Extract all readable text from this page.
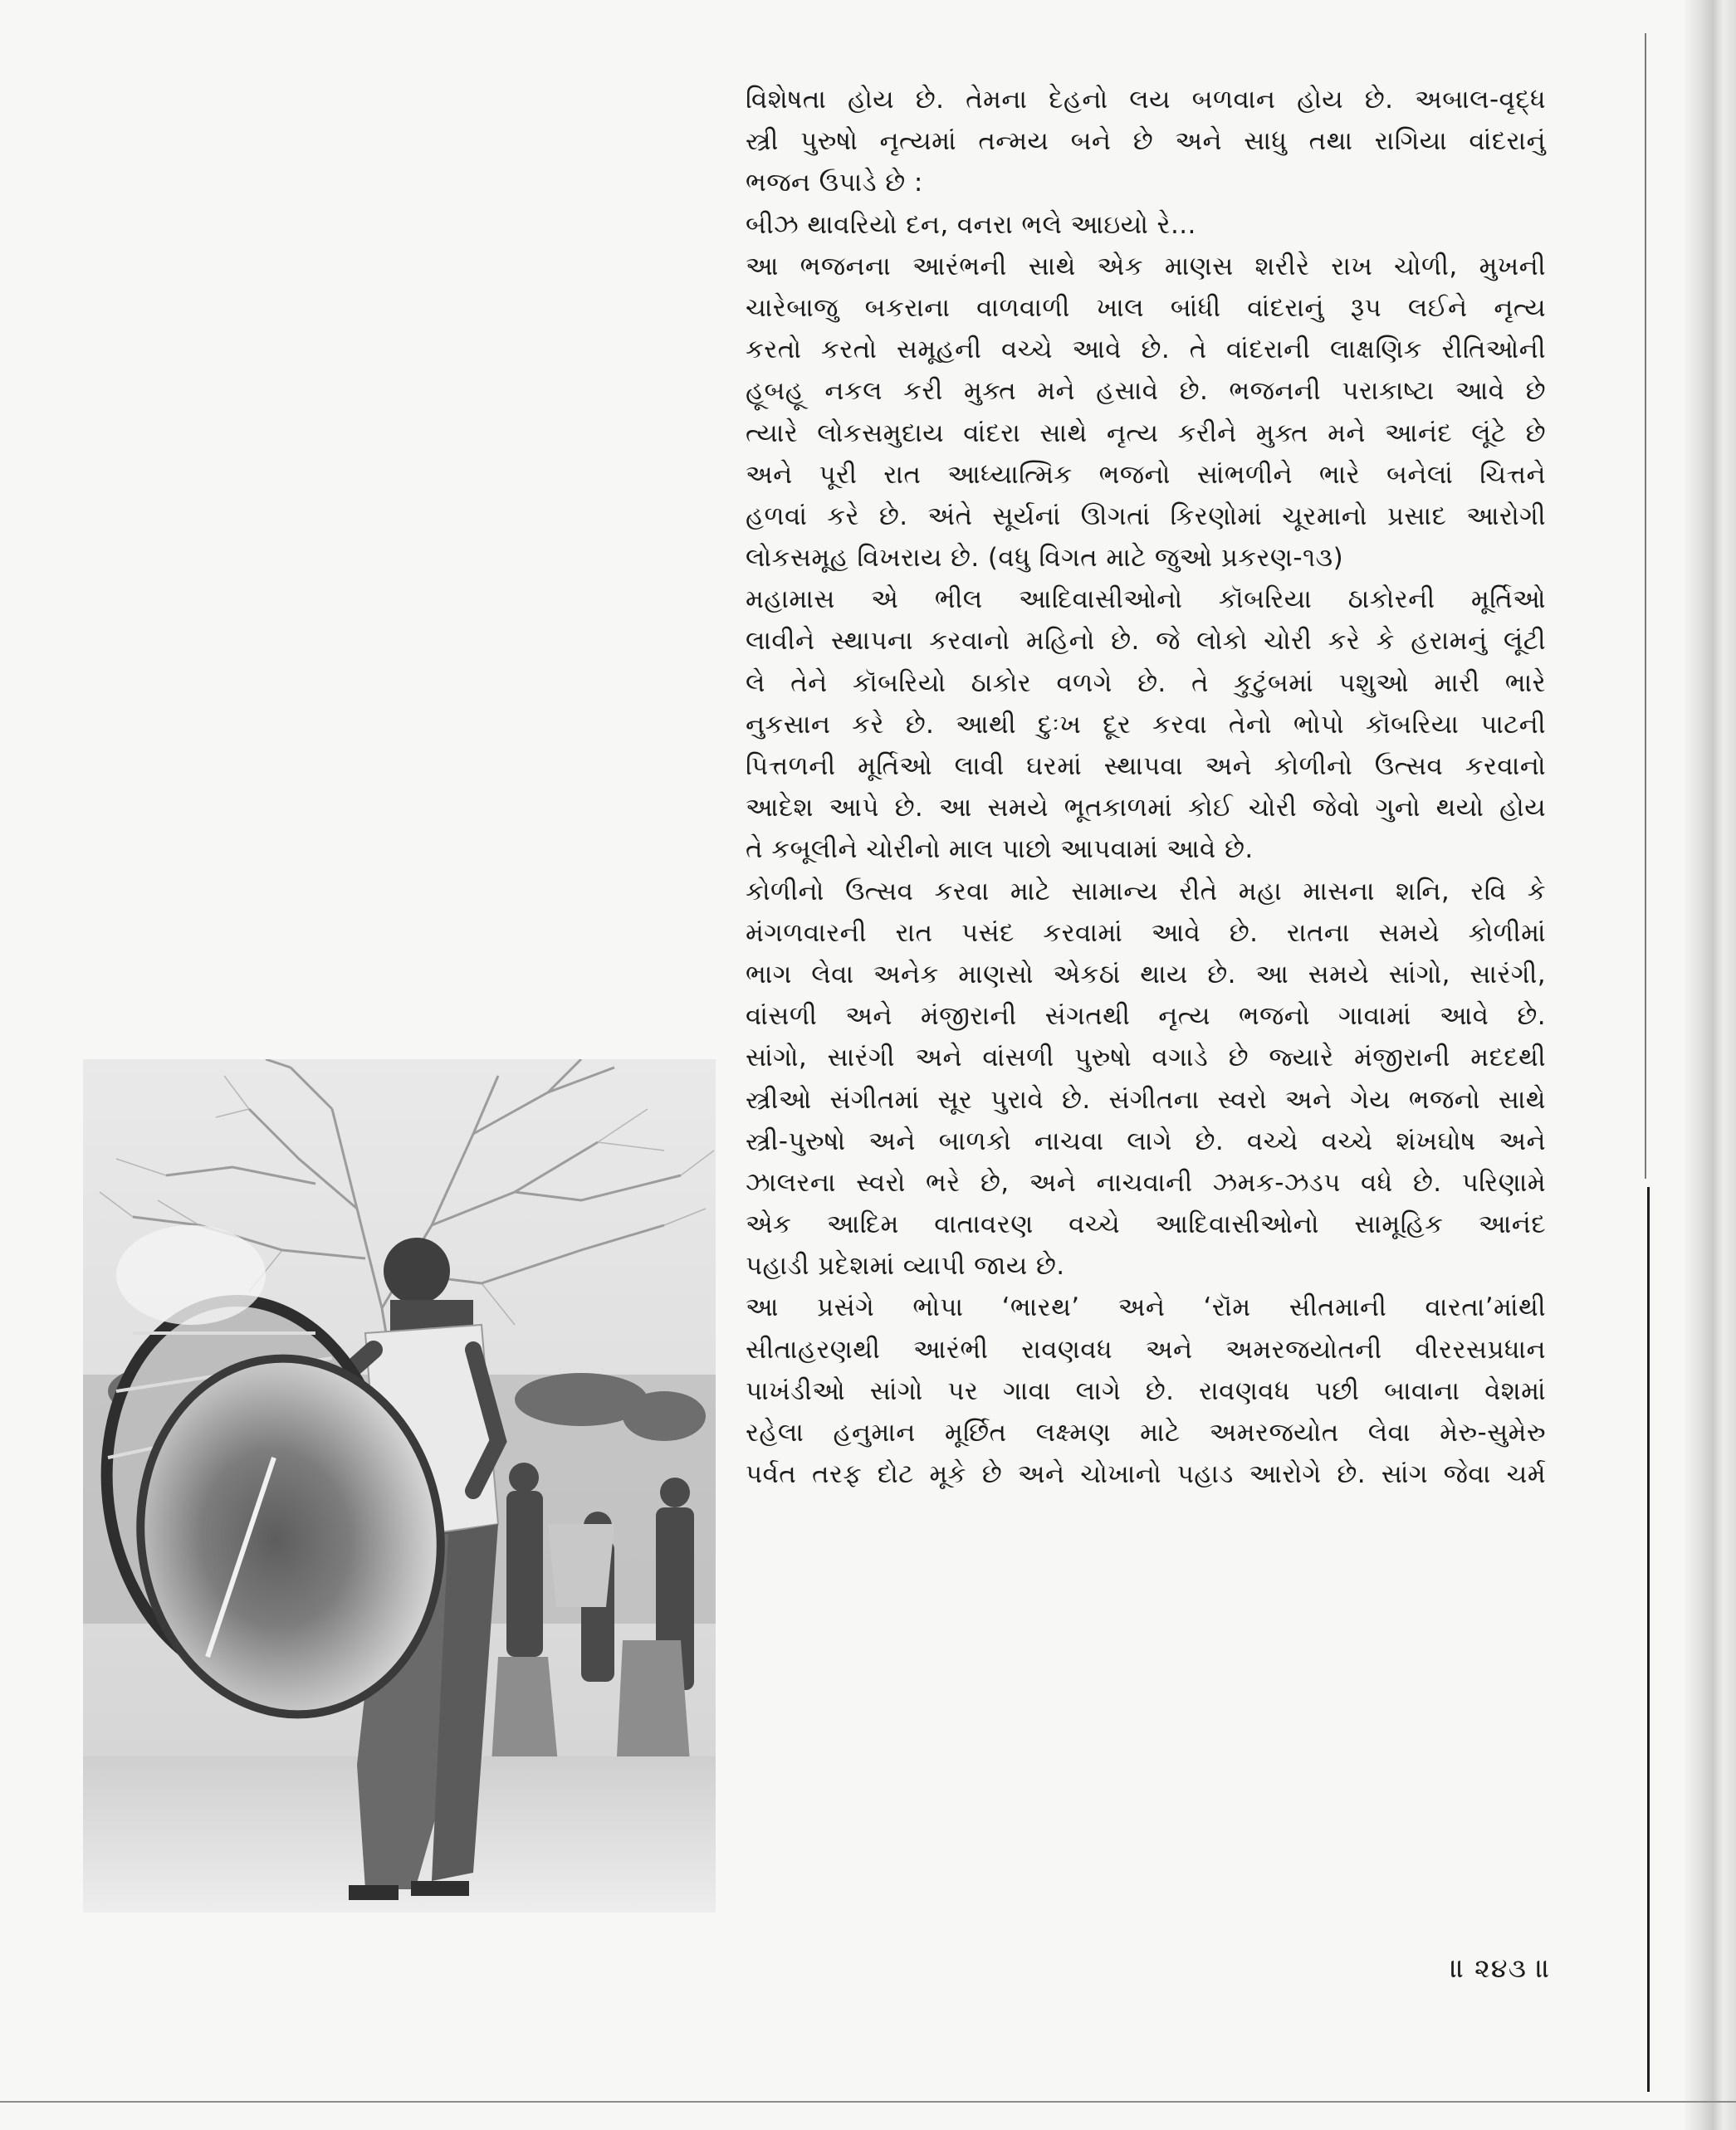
વિશેષતા હોય છે. તેમના દેહનો લય બળવાન હોય છે. અબાલ-વૃદ્ધ
સ્ત્રી પુરુષો નૃત્યમાં તન્મય બને છે અને સાધુ તથા રાગિયા વાંદરાનું
ભજન ઉપાડે છે :
બીઝ થાવરિયો દન, વનરા ભલે આઇયો રે...
આ ભજનના આરંભની સાથે એક માણસ શરીરે રાખ ચોળી, મુખની
ચારેબાજુ બકરાના વાળવાળી ખાલ બાંધી વાંદરાનું રૂપ લઈને નૃત્ય
કરતો કરતો સમૂહની વચ્ચે આવે છે. તે વાંદરાની લાક્ષણિક રીતિઓની
હૂબહૂ નકલ કરી મુક્ત મને હસાવે છે. ભજનની પરાકાષ્ટા આવે છે
ત્યારે લોકસમુદાય વાંદરા સાથે નૃત્ય કરીને મુક્ત મને આનંદ લૂંટે છે
અને પૂરી રાત આધ્યાત્મિક ભજનો સાંભળીને ભારે બનેલાં ચિત્તને
હળવાં કરે છે. અંતે સૂર્યનાં ઊગતાં કિરણોમાં ચૂરમાનો પ્રસાદ આરોગી
લોકસમૂહ વિખરાય છે. (વધુ વિગત માટે જુઓ પ્રકરણ-૧૩)
મહામાસ એ ભીલ આદિવાસીઓનો કૉબરિયા ઠાકોરની મૂર્તિઓ
લાવીને સ્થાપના કરવાનો મહિનો છે. જે લોકો ચોરી કરે કે હરામનું લૂંટી
લે તેને કૉબરિયો ઠાકોર વળગે છે. તે કુટુંબમાં પશુઓ મારી ભારે
નુકસાન કરે છે. આથી દુઃખ દૂર કરવા તેનો ભોપો કૉબરિયા પાટની
પિત્તળની મૂર્તિઓ લાવી ઘરમાં સ્થાપવા અને કોળીનો ઉત્સવ કરવાનો
આદેશ આપે છે. આ સમયે ભૂતકાળમાં કોઈ ચોરી જેવો ગુનો થયો હોય
તે કબૂલીને ચોરીનો માલ પાછો આપવામાં આવે છે.
કોળીનો ઉત્સવ કરવા માટે સામાન્ય રીતે મહા માસના શનિ, રવિ કે
મંગળવારની રાત પસંદ કરવામાં આવે છે. રાતના સમયે કોળીમાં
ભાગ લેવા અનેક માણસો એકઠાં થાય છે. આ સમયે સાંગો, સારંગી,
વાંસળી અને મંજીરાની સંગતથી નૃત્ય ભજનો ગાવામાં આવે છે.
સાંગો, સારંગી અને વાંસળી પુરુષો વગાડે છે જ્યારે મંજીરાની મદદથી
સ્ત્રીઓ સંગીતમાં સૂર પુરાવે છે. સંગીતના સ્વરો અને ગેય ભજનો સાથે
સ્ત્રી-પુરુષો અને બાળકો નાચવા લાગે છે. વચ્ચે વચ્ચે શંખઘોષ અને
ઝાલરના સ્વરો ભરે છે, અને નાચવાની ઝમક-ઝડપ વધે છે. પરિણામે
એક આદિમ વાતાવરણ વચ્ચે આદિવાસીઓનો સામૂહિક આનંદ
પહાડી પ્રદેશમાં વ્યાપી જાય છે.
આ પ્રસંગે ભોપા ‘ભારથ’ અને ‘રૉમ સીતમાની વારતા’માંથી
સીતાહરણથી આરંભી રાવણવધ અને અમરજયોતની વીરરસપ્રધાન
પાખંડીઓ સાંગો પર ગાવા લાગે છે. રાવણવધ પછી બાવાના વેશમાં
રહેલા હનુમાન મૂર્છિત લક્ષ્મણ માટે અમરજયોત લેવા મેરુ-સુમેરુ
પર્વત તરફ દોટ મૂકે છે અને ચોખાનો પહાડ આરોગે છે. સાંગ જેવા ચર્મ
॥ ૨૪૩ ॥
